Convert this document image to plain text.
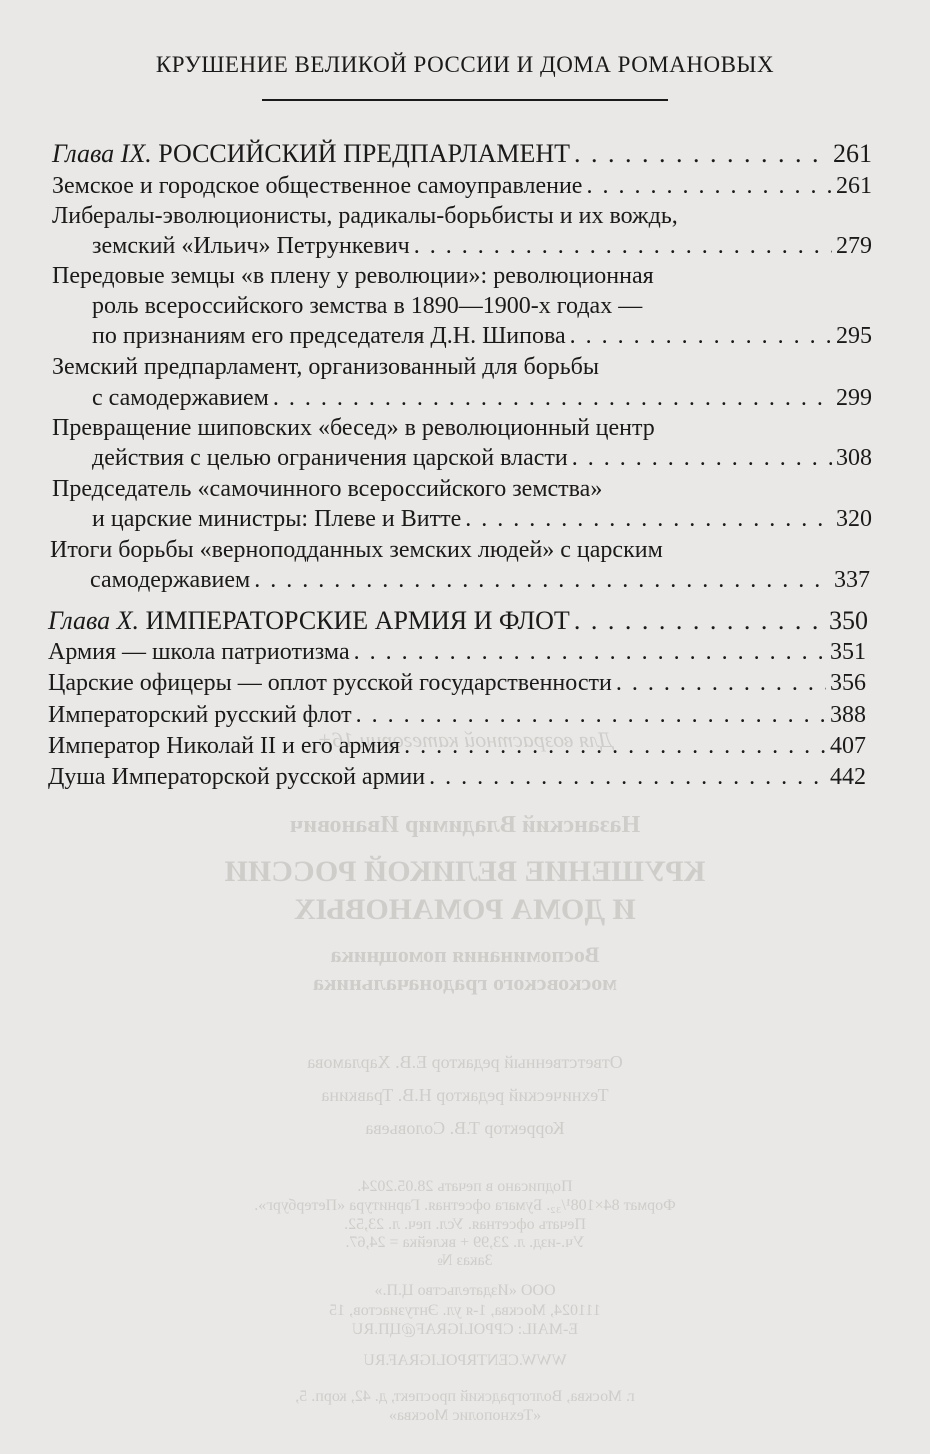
Для возрастной категории 16+
Назанский Владимир Иванович
КРУШЕНИЕ ВЕЛИКОЙ РОССИИ
И ДОМА РОМАНОВЫХ
Воспоминания помощника
московского градоначальника
Ответственный редактор Е.В. Харламова
Технический редактор Н.В. Травкина
Корректор Т.В. Соловьева
Подписано в печать 28.05.2024.
Формат 84×108¹/₃₂. Бумага офсетная. Гарнитура «Петербург».
Печать офсетная. Усл. печ. л. 23,52.
Уч.-изд. л. 23,99 + вклейка = 24,67.
Заказ №
ООО «Издательство Ц.П.»
111024, Москва, 1-я ул. Энтузиастов, 15
E-MAIL: CPPOLIGRAF@ЦП.RU
WWW.CENTRPOLIGRAF.RU
г. Москва, Волгоградский проспект, д. 42, корп. 5,
«Технополис Москва»
КРУШЕНИЕ ВЕЛИКОЙ РОССИИ И ДОМА РОМАНОВЫХ
Глава IX. РОССИЙСКИЙ ПРЕДПАРЛАМЕНТ . . .	261
Земское и городское общественное самоуправление . . .	261
Либералы-эволюционисты, радикалы-борьбисты и их вождь,
земский «Ильич» Петрункевич . . .	279
Передовые земцы «в плену у революции»: революционная
роль всероссийского земства в 1890—1900-х годах —
по признаниям его председателя Д.Н. Шипова . . .	295
Земский предпарламент, организованный для борьбы
с самодержавием . . .	299
Превращение шиповских «бесед» в революционный центр
действия с целью ограничения царской власти . . .	308
Председатель «самочинного всероссийского земства»
и царские министры: Плеве и Витте . . .	320
Итоги борьбы «верноподданных земских людей» с царским
самодержавием . . .	337
Глава X. ИМПЕРАТОРСКИЕ АРМИЯ И ФЛОТ . . .	350
Армия — школа патриотизма . . .	351
Царские офицеры — оплот русской государственности . . .	356
Императорский русский флот . . .	388
Император Николай II и его армия . . .	407
Душа Императорской русской армии . . .	442
